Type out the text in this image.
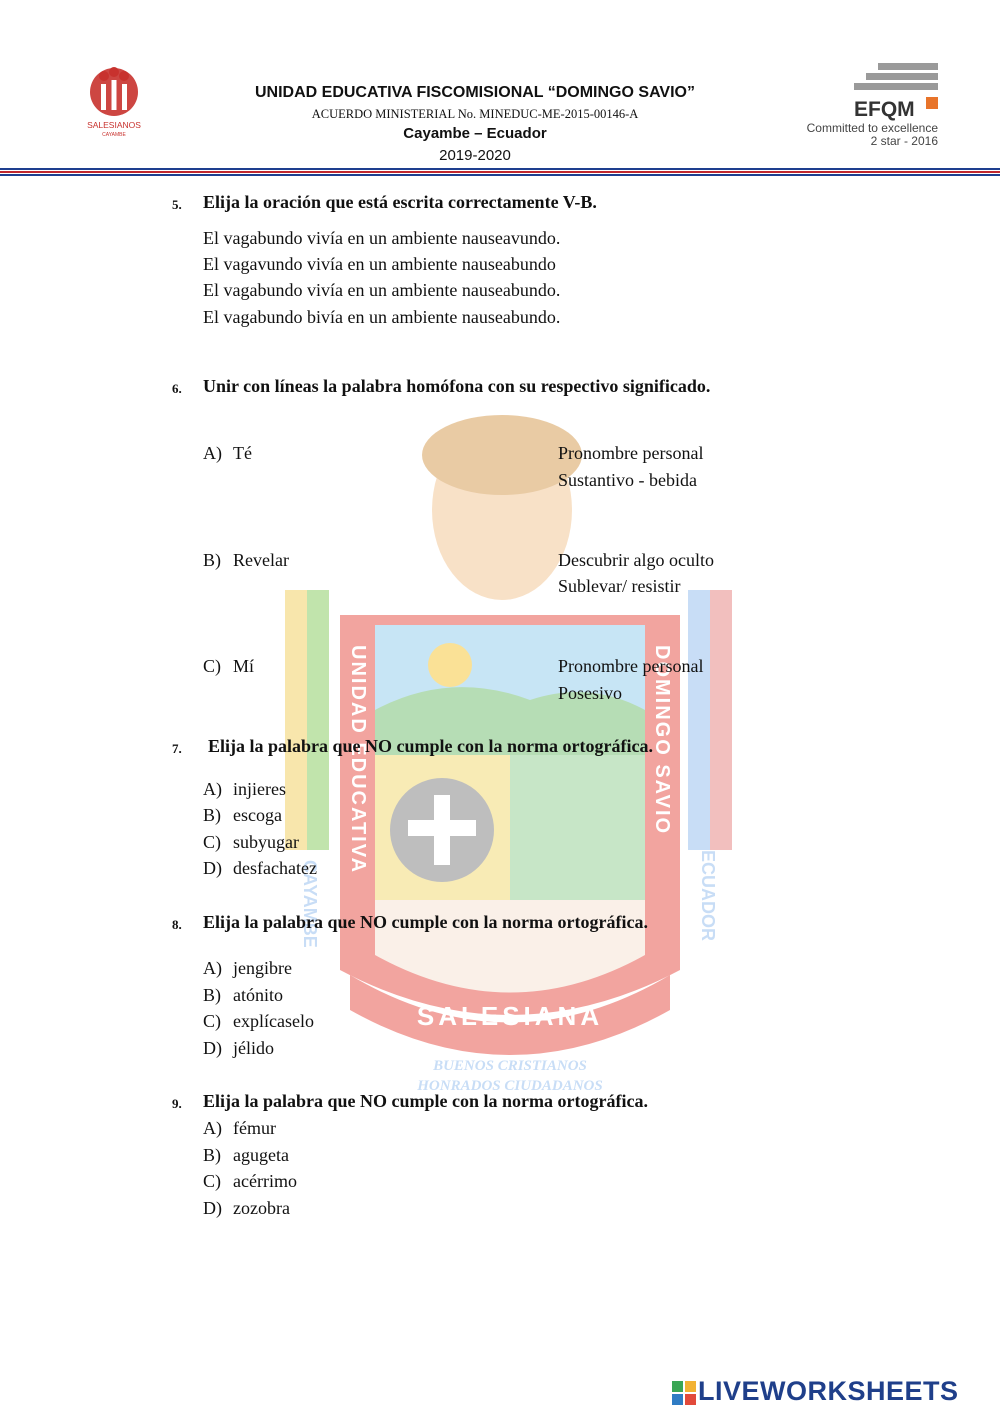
SALESIANOS
CAYAMBE
UNIDAD EDUCATIVA FISCOMISIONAL “DOMINGO SAVIO”
ACUERDO MINISTERIAL No. MINEDUC-ME-2015-00146-A
Cayambe – Ecuador
2019-2020
EFQM
Committed to excellence
2 star - 2016
UNIDAD EDUCATIVA	DOMINGO SAVIO
CAYAMBE	ECUADOR
SALESIANA
BUENOS CRISTIANOS
HONRADOS CIUDADANOS
5. Elija la oración que está escrita correctamente V-B.
El vagabundo vivía en un ambiente nauseavundo.
El vagavundo vivía en un ambiente nauseabundo
El vagabundo vivía en un ambiente nauseabundo.
El vagabundo bivía en un ambiente nauseabundo.
6. Unir con líneas la palabra homófona con su respectivo significado.
A) Té	Pronombre personal
Sustantivo - bebida
B) Revelar	Descubrir algo oculto
Sublevar/ resistir
C) Mí	Pronombre personal
Posesivo
7. Elija la palabra que NO cumple con la norma ortográfica.
A) injieres
B) escoga
C) subyugar
D) desfachatez
8. Elija la palabra que NO cumple con la norma ortográfica.
A) jengibre
B) atónito
C) explícaselo
D) jélido
9. Elija la palabra que NO cumple con la norma ortográfica.
A) fémur
B) agugeta
C) acérrimo
D) zozobra
LIVEWORKSHEETS
